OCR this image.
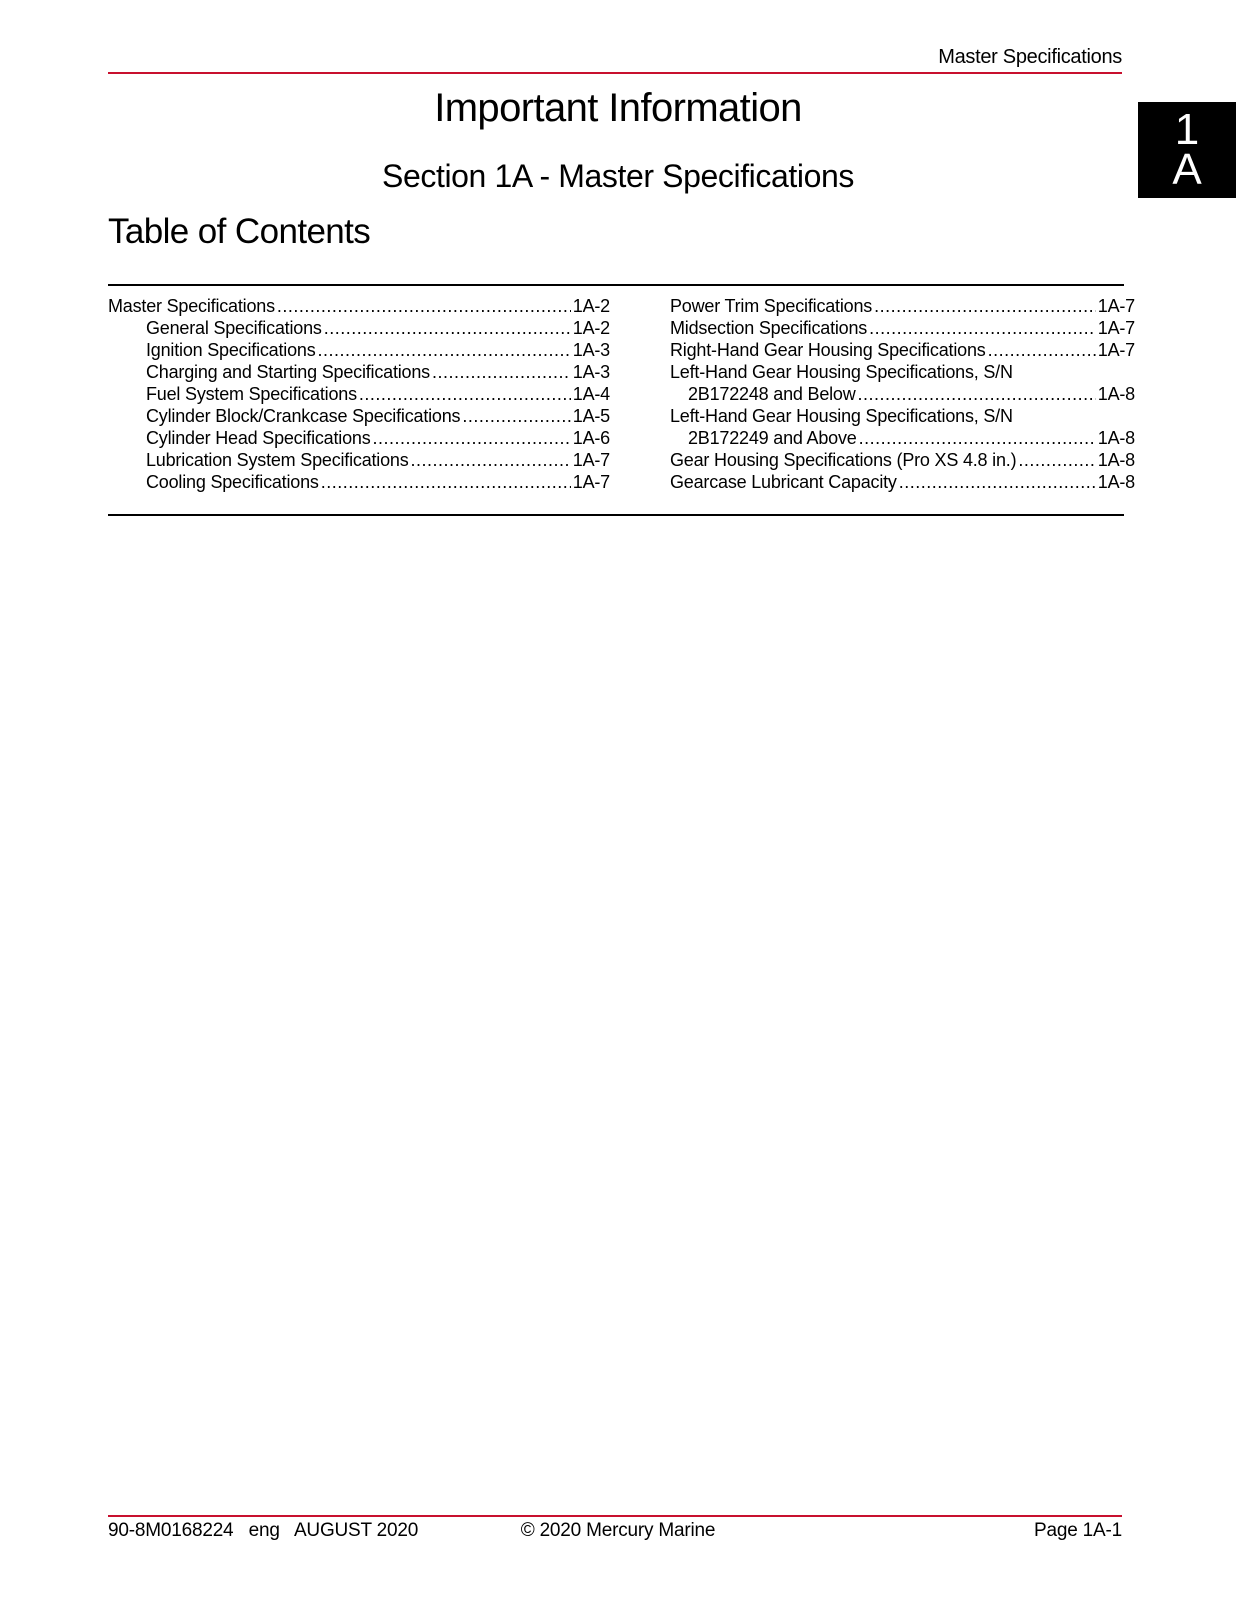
Master Specifications
1
A
Important Information
Section 1A - Master Specifications
Table of Contents
Master Specifications .....	1A-2
General Specifications .....	1A-2
Ignition Specifications .....	1A-3
Charging and Starting Specifications .....	1A-3
Fuel System Specifications .....	1A-4
Cylinder Block/Crankcase Specifications .....	1A-5
Cylinder Head Specifications .....	1A-6
Lubrication System Specifications .....	1A-7
Cooling Specifications .....	1A-7
Power Trim Specifications .....	1A-7
Midsection Specifications .....	1A-7
Right-Hand Gear Housing Specifications .....	1A-7
Left-Hand Gear Housing Specifications, S/N
2B172248 and Below .....	1A-8
Left-Hand Gear Housing Specifications, S/N
2B172249 and Above .....	1A-8
Gear Housing Specifications (Pro XS 4.8 in.) .....	1A-8
Gearcase Lubricant Capacity .....	1A-8
90-8M0168224   eng   AUGUST 2020	© 2020 Mercury Marine	Page 1A-1
